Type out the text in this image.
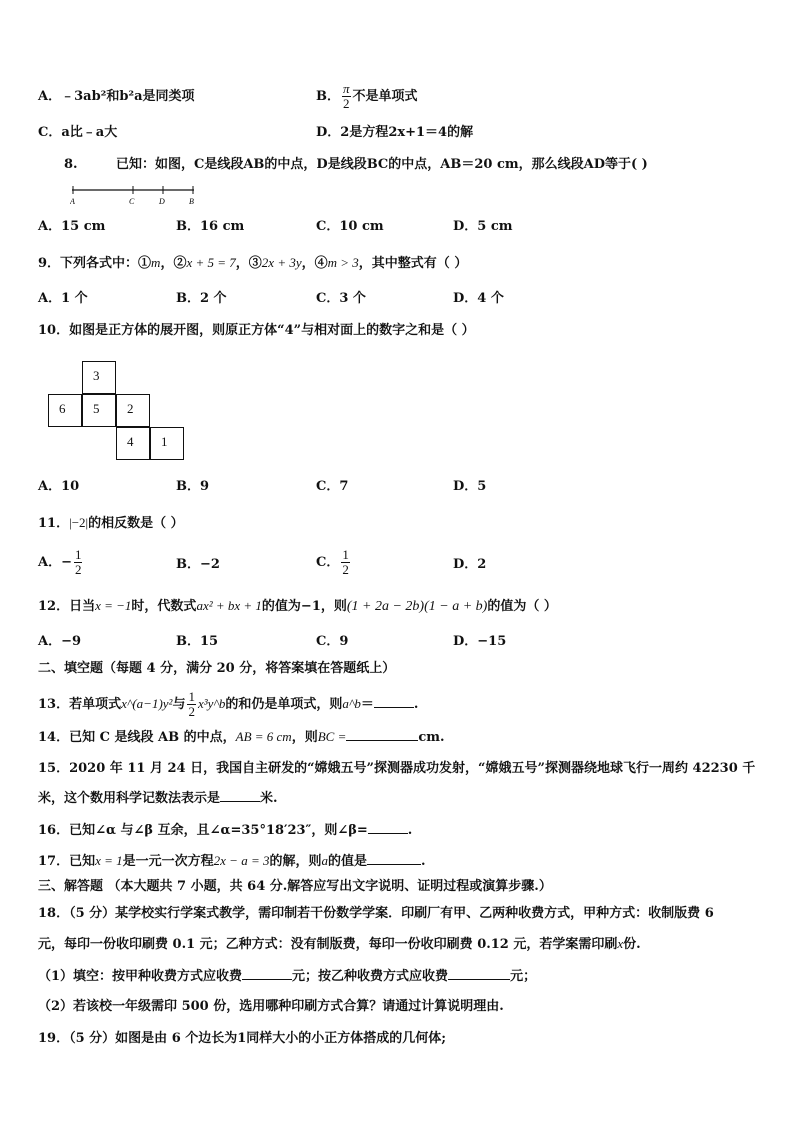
A．﹣3ab²和b²a是同类项	B． $\frac{\pi}{2}$ 不是单项式
C．a比﹣a大	D．2是方程2x+1＝4的解
8.	已知：如图，C是线段AB的中点，D是线段BC的中点，AB＝20 cm，那么线段AD等于( )
A	C	D	B
A．15 cm	B．16 cm	C．10 cm	D．5 cm
9．下列各式中：①m，②x + 5 = 7，③2x + 3y，④m > 3，其中整式有（ ）
A．1 个	B．2 个	C．3 个	D．4 个
10．如图是正方体的展开图，则原正方体“4”与相对面上的数字之和是（ ）
3
6	5	2
4	1
A．10	B．9	C．7	D．5
11．|−2|的相反数是（ ）
A．− $\frac{1}{2}$	B．−2	C． $\frac{1}{2}$	D．2
12．日当x = −1时，代数式ax² + bx + 1的值为−1，则(1 + 2a − 2b)(1 − a + b)的值为（ ）
A．−9	B．15	C．9	D．−15
二、填空题（每题 4 分，满分 20 分，将答案填在答题纸上）
13．若单项式x^(a−1)y²与 $\frac{1}{2}$ x³y^b的和仍是单项式，则a^b＝	.
14．已知 C 是线段 AB 的中点，AB = 6 cm，则BC =	cm.
15．2020 年 11 月 24 日，我国自主研发的“嫦娥五号”探测器成功发射，“嫦娥五号”探测器绕地球飞行一周约 42230 千
米，这个数用科学记数法表示是	米.
16．已知∠α 与∠β 互余，且∠α=35°18′23″，则∠β=	.
17．已知x = 1是一元一次方程2x − a = 3的解，则a的值是	.
三、解答题 （本大题共 7 小题，共 64 分.解答应写出文字说明、证明过程或演算步骤.）
18．（5 分）某学校实行学案式教学，需印制若干份数学学案．印刷厂有甲、乙两种收费方式，甲种方式：收制版费 6
元，每印一份收印刷费 0.1 元；乙种方式：没有制版费，每印一份收印刷费 0.12 元，若学案需印刷x份.
（1）填空：按甲种收费方式应收费	元；按乙种收费方式应收费	元；
（2）若该校一年级需印 500 份，选用哪种印刷方式合算？请通过计算说明理由.
19．（5 分）如图是由 6 个边长为1同样大小的小正方体搭成的几何体;
